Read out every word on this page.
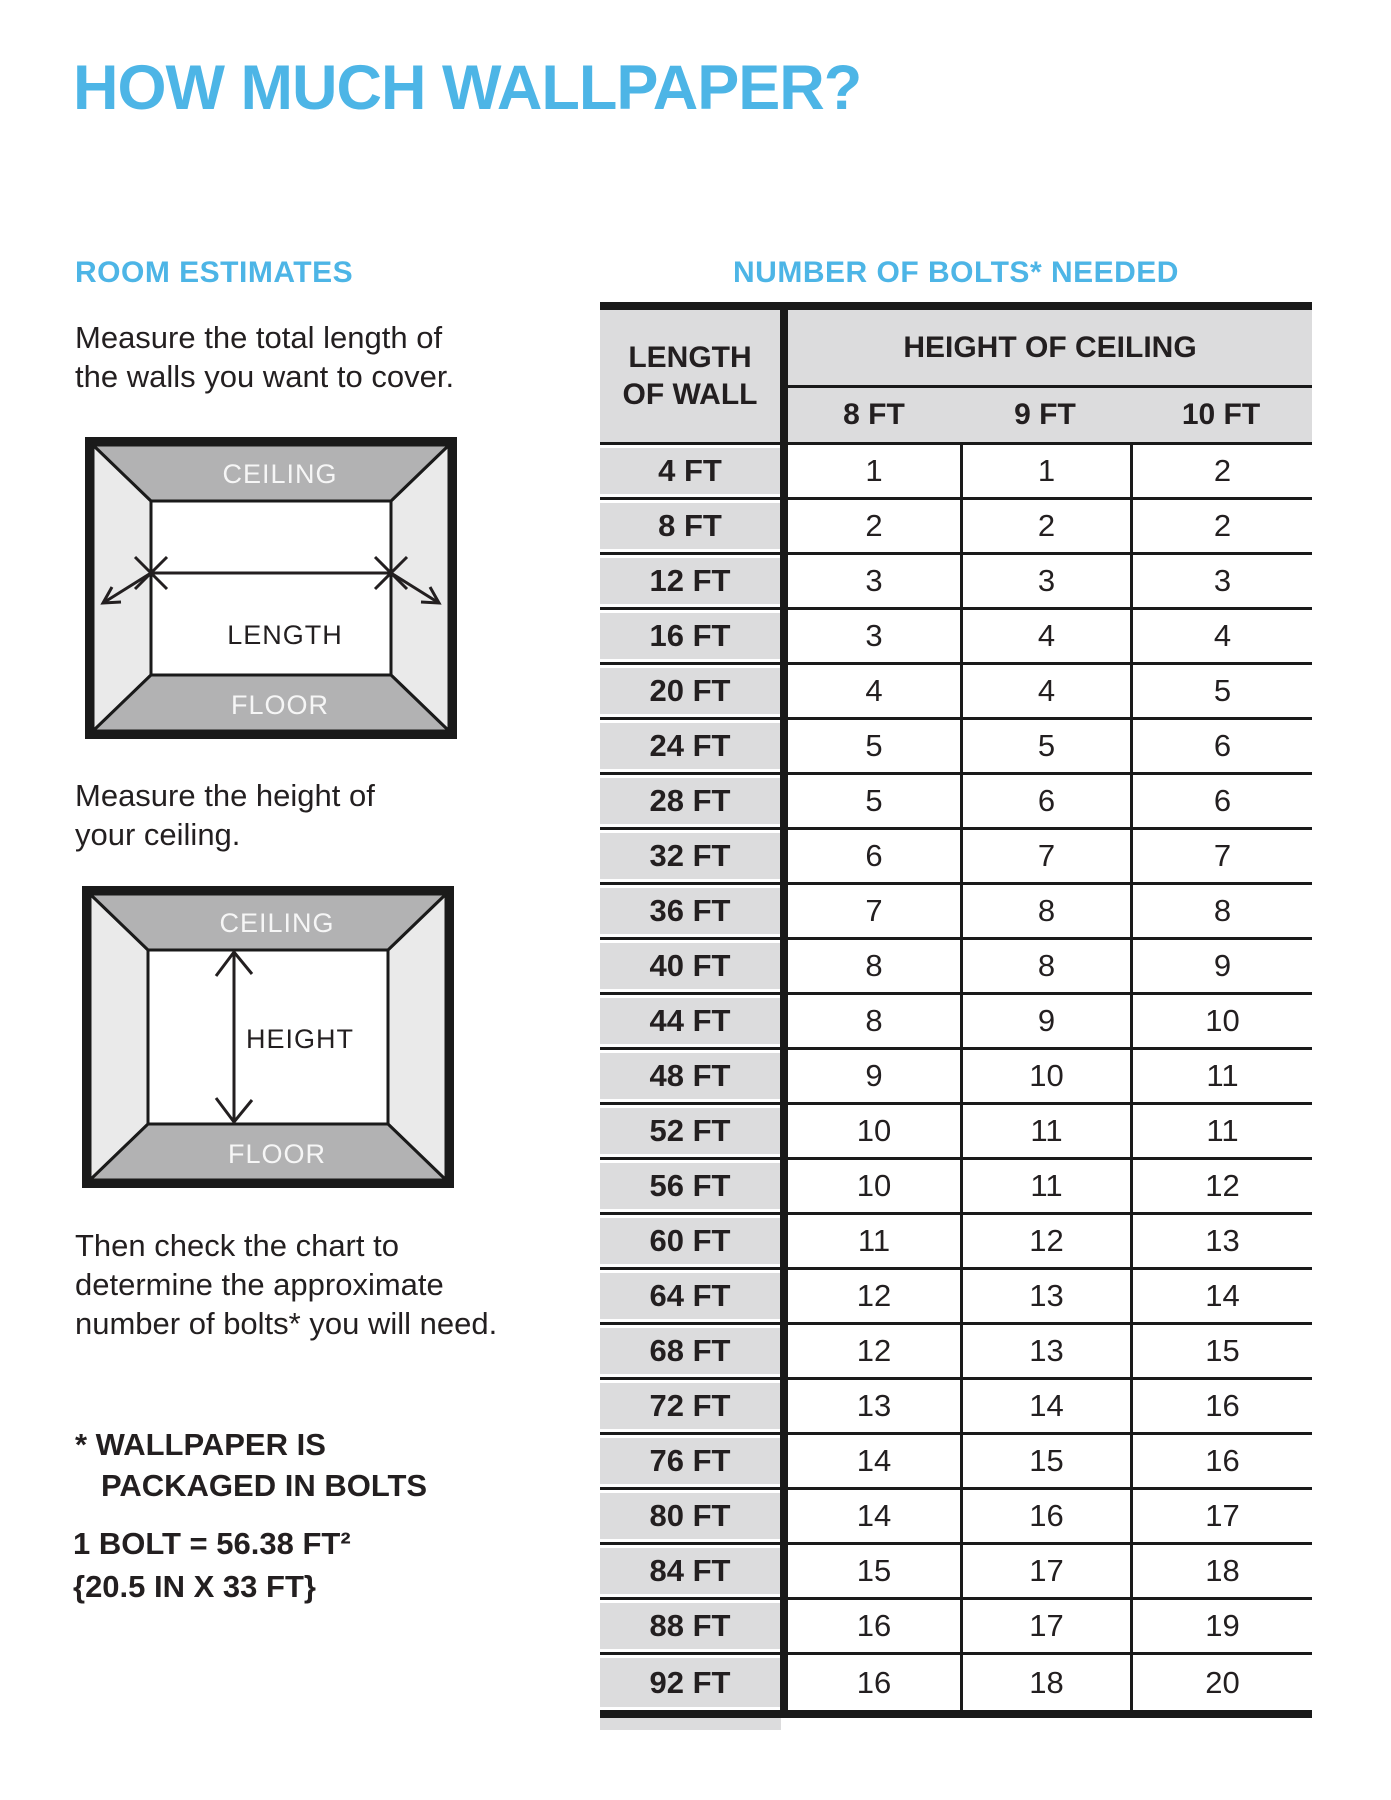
HOW MUCH WALLPAPER?
ROOM ESTIMATES	NUMBER OF BOLTS* NEEDED
Measure the total length of
the walls you want to cover.
CEILING
FLOOR
LENGTH
Measure the height of
your ceiling.
CEILING
FLOOR
HEIGHT
Then check the chart to
determine the approximate
number of bolts* you will need.
* WALLPAPER IS
PACKAGED IN BOLTS
1 BOLT = 56.38 FT²
{20.5 IN X 33 FT}
LENGTH
OF WALL
HEIGHT OF CEILING
8 FT	9 FT	10 FT
4 FT	1	1	2
8 FT	2	2	2
12 FT	3	3	3
16 FT	3	4	4
20 FT	4	4	5
24 FT	5	5	6
28 FT	5	6	6
32 FT	6	7	7
36 FT	7	8	8
40 FT	8	8	9
44 FT	8	9	10
48 FT	9	10	11
52 FT	10	11	11
56 FT	10	11	12
60 FT	11	12	13
64 FT	12	13	14
68 FT	12	13	15
72 FT	13	14	16
76 FT	14	15	16
80 FT	14	16	17
84 FT	15	17	18
88 FT	16	17	19
92 FT	16	18	20
